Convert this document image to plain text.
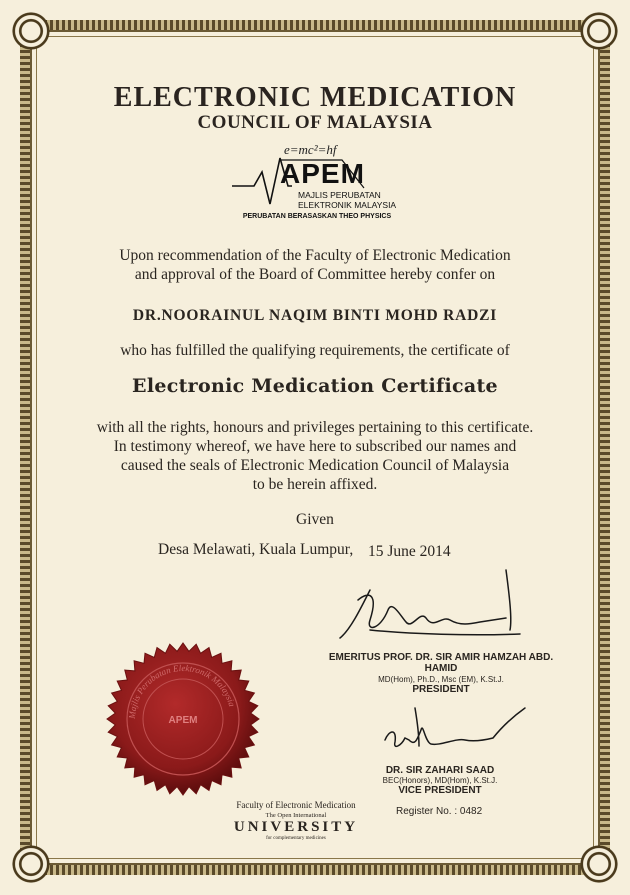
ELECTRONIC MEDICATION
COUNCIL OF MALAYSIA
e=mc²=hf
APEM
MAJLIS PERUBATAN
ELEKTRONIK MALAYSIA
PERUBATAN BERASASKAN THEO PHYSICS
Upon recommendation of the Faculty of Electronic Medication
and approval of the Board of Committee hereby confer on
DR.NOORAINUL NAQIM BINTI MOHD RADZI
who has fulfilled the qualifying requirements, the certificate of
Electronic Medication Certificate
with all the rights, honours and privileges pertaining to this certificate.
In testimony whereof, we have here to subscribed our names and
caused the seals of Electronic Medication Council of Malaysia
to be herein affixed.
Given
Desa Melawati, Kuala Lumpur, 15 June 2014
EMERITUS PROF. DR. SIR AMIR HAMZAH ABD. HAMID
MD(Hom), Ph.D., Msc (EM), K.St.J.
PRESIDENT
DR. SIR ZAHARI SAAD
BEC(Honors), MD(Hom), K.St.J.
VICE PRESIDENT
Register No. : 0482
Majlis Perubatan Elektronik Malaysia
APEM
Faculty of Electronic Medication
The Open International
UNIVERSITY
for complementary medicines
